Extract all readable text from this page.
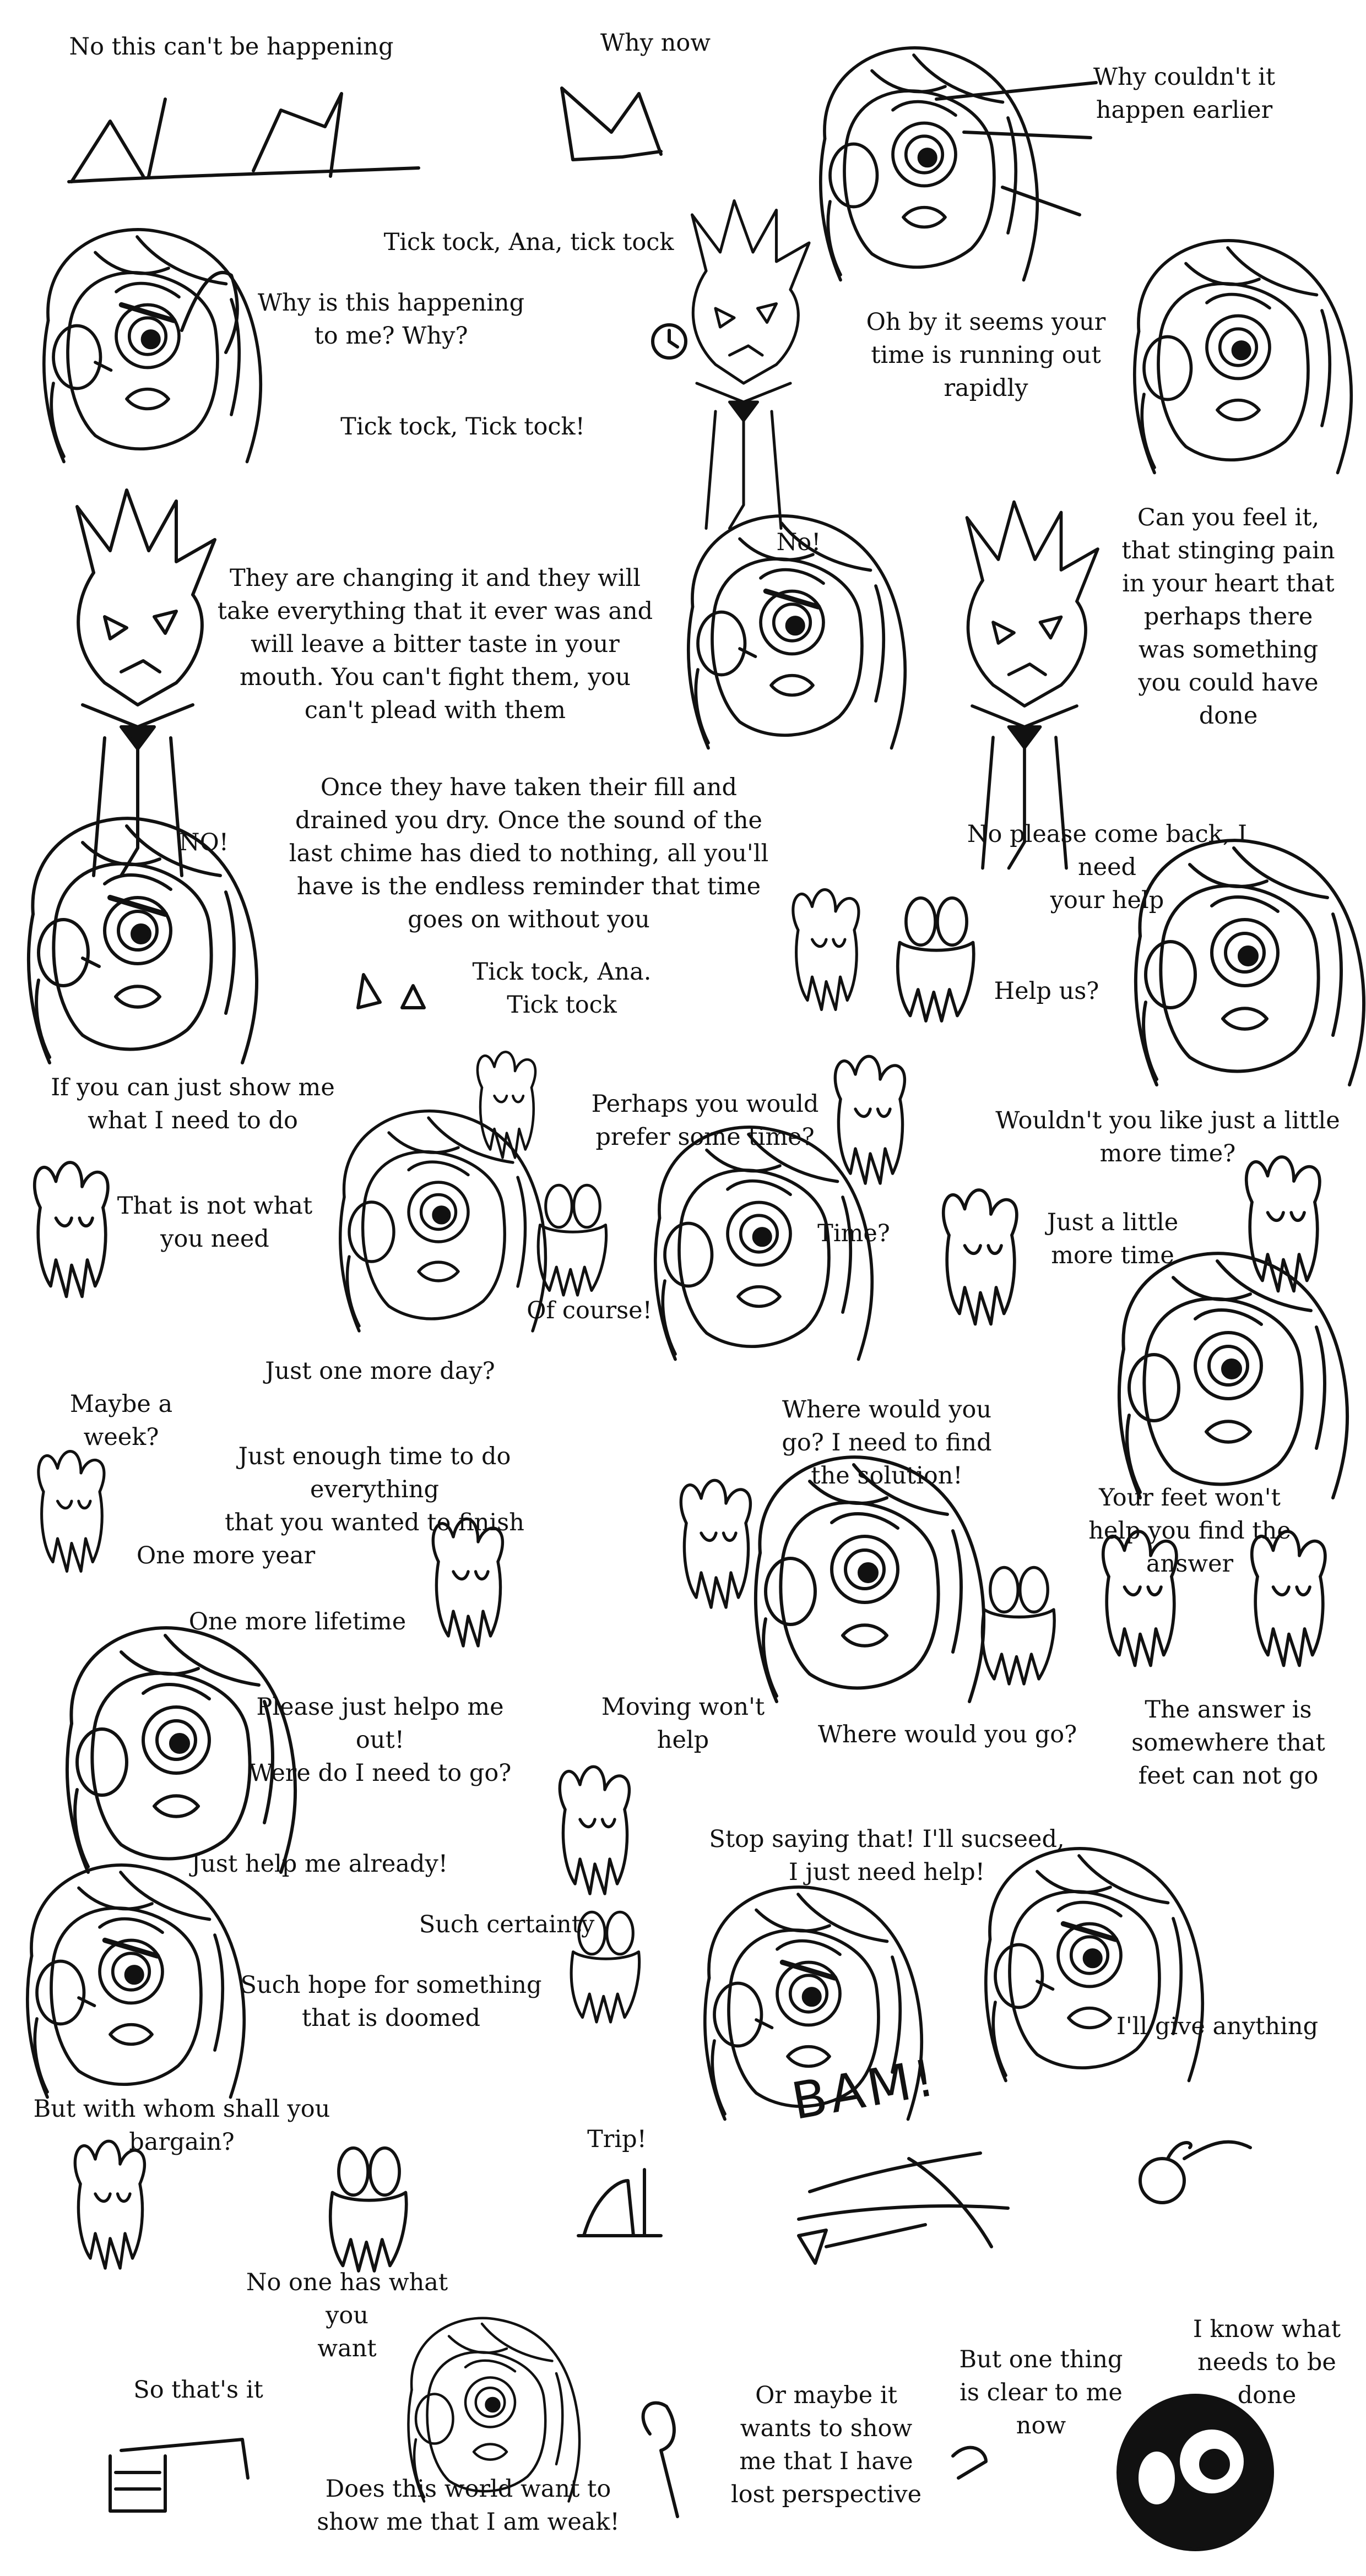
No this can't be happening	Why now
Why couldn't it
happen earlier
Tick tock, Ana, tick tock
Why is this happening
to me? Why?	Oh by it seems your
time is running out
rapidly
Tick tock, Tick tock!
They are changing it and they will
take everything that it ever was and
will leave a bitter taste in your
mouth. You can't fight them, you
can't plead with them
No!
Can you feel it,
that stinging pain
in your heart that
perhaps there
was something
you could have
done
Once they have taken their fill and
drained you dry. Once the sound of the
last chime has died to nothing, all you'll
have is the endless reminder that time
goes on without you
NO!	No please come back, I need
your help
Tick tock, Ana.
Tick tock	Help us?
If you can just show me
what I need to do
Perhaps you would
prefer some time?
Wouldn't you like just a little
more time?
That is not what
you need	Time?	Just a little
more time
Of course!
Just one more day?
Maybe a week?
Where would you
go? I need to find
the solution!
Just enough time to do everything
that you wanted to finish
Your feet won't
help you find the
answer
One more year
One more lifetime
Please just helpo me out!
Were do I need to go?
Moving won't help
The answer is
somewhere that
feet can not go
Where would you go?
Stop saying that! I'll sucseed,
I just need help!
Just help me already!
Such certainty
Such hope for something
that is doomed	I'll give anything
But with whom shall you
bargain?	Trip!
BAM!
No one has what you
want
I know what
needs to be
done
But one thing
is clear to me
now
So that's it	Or maybe it
wants to show
me that I have
lost perspective
Does this world want to
show me that I am weak!
